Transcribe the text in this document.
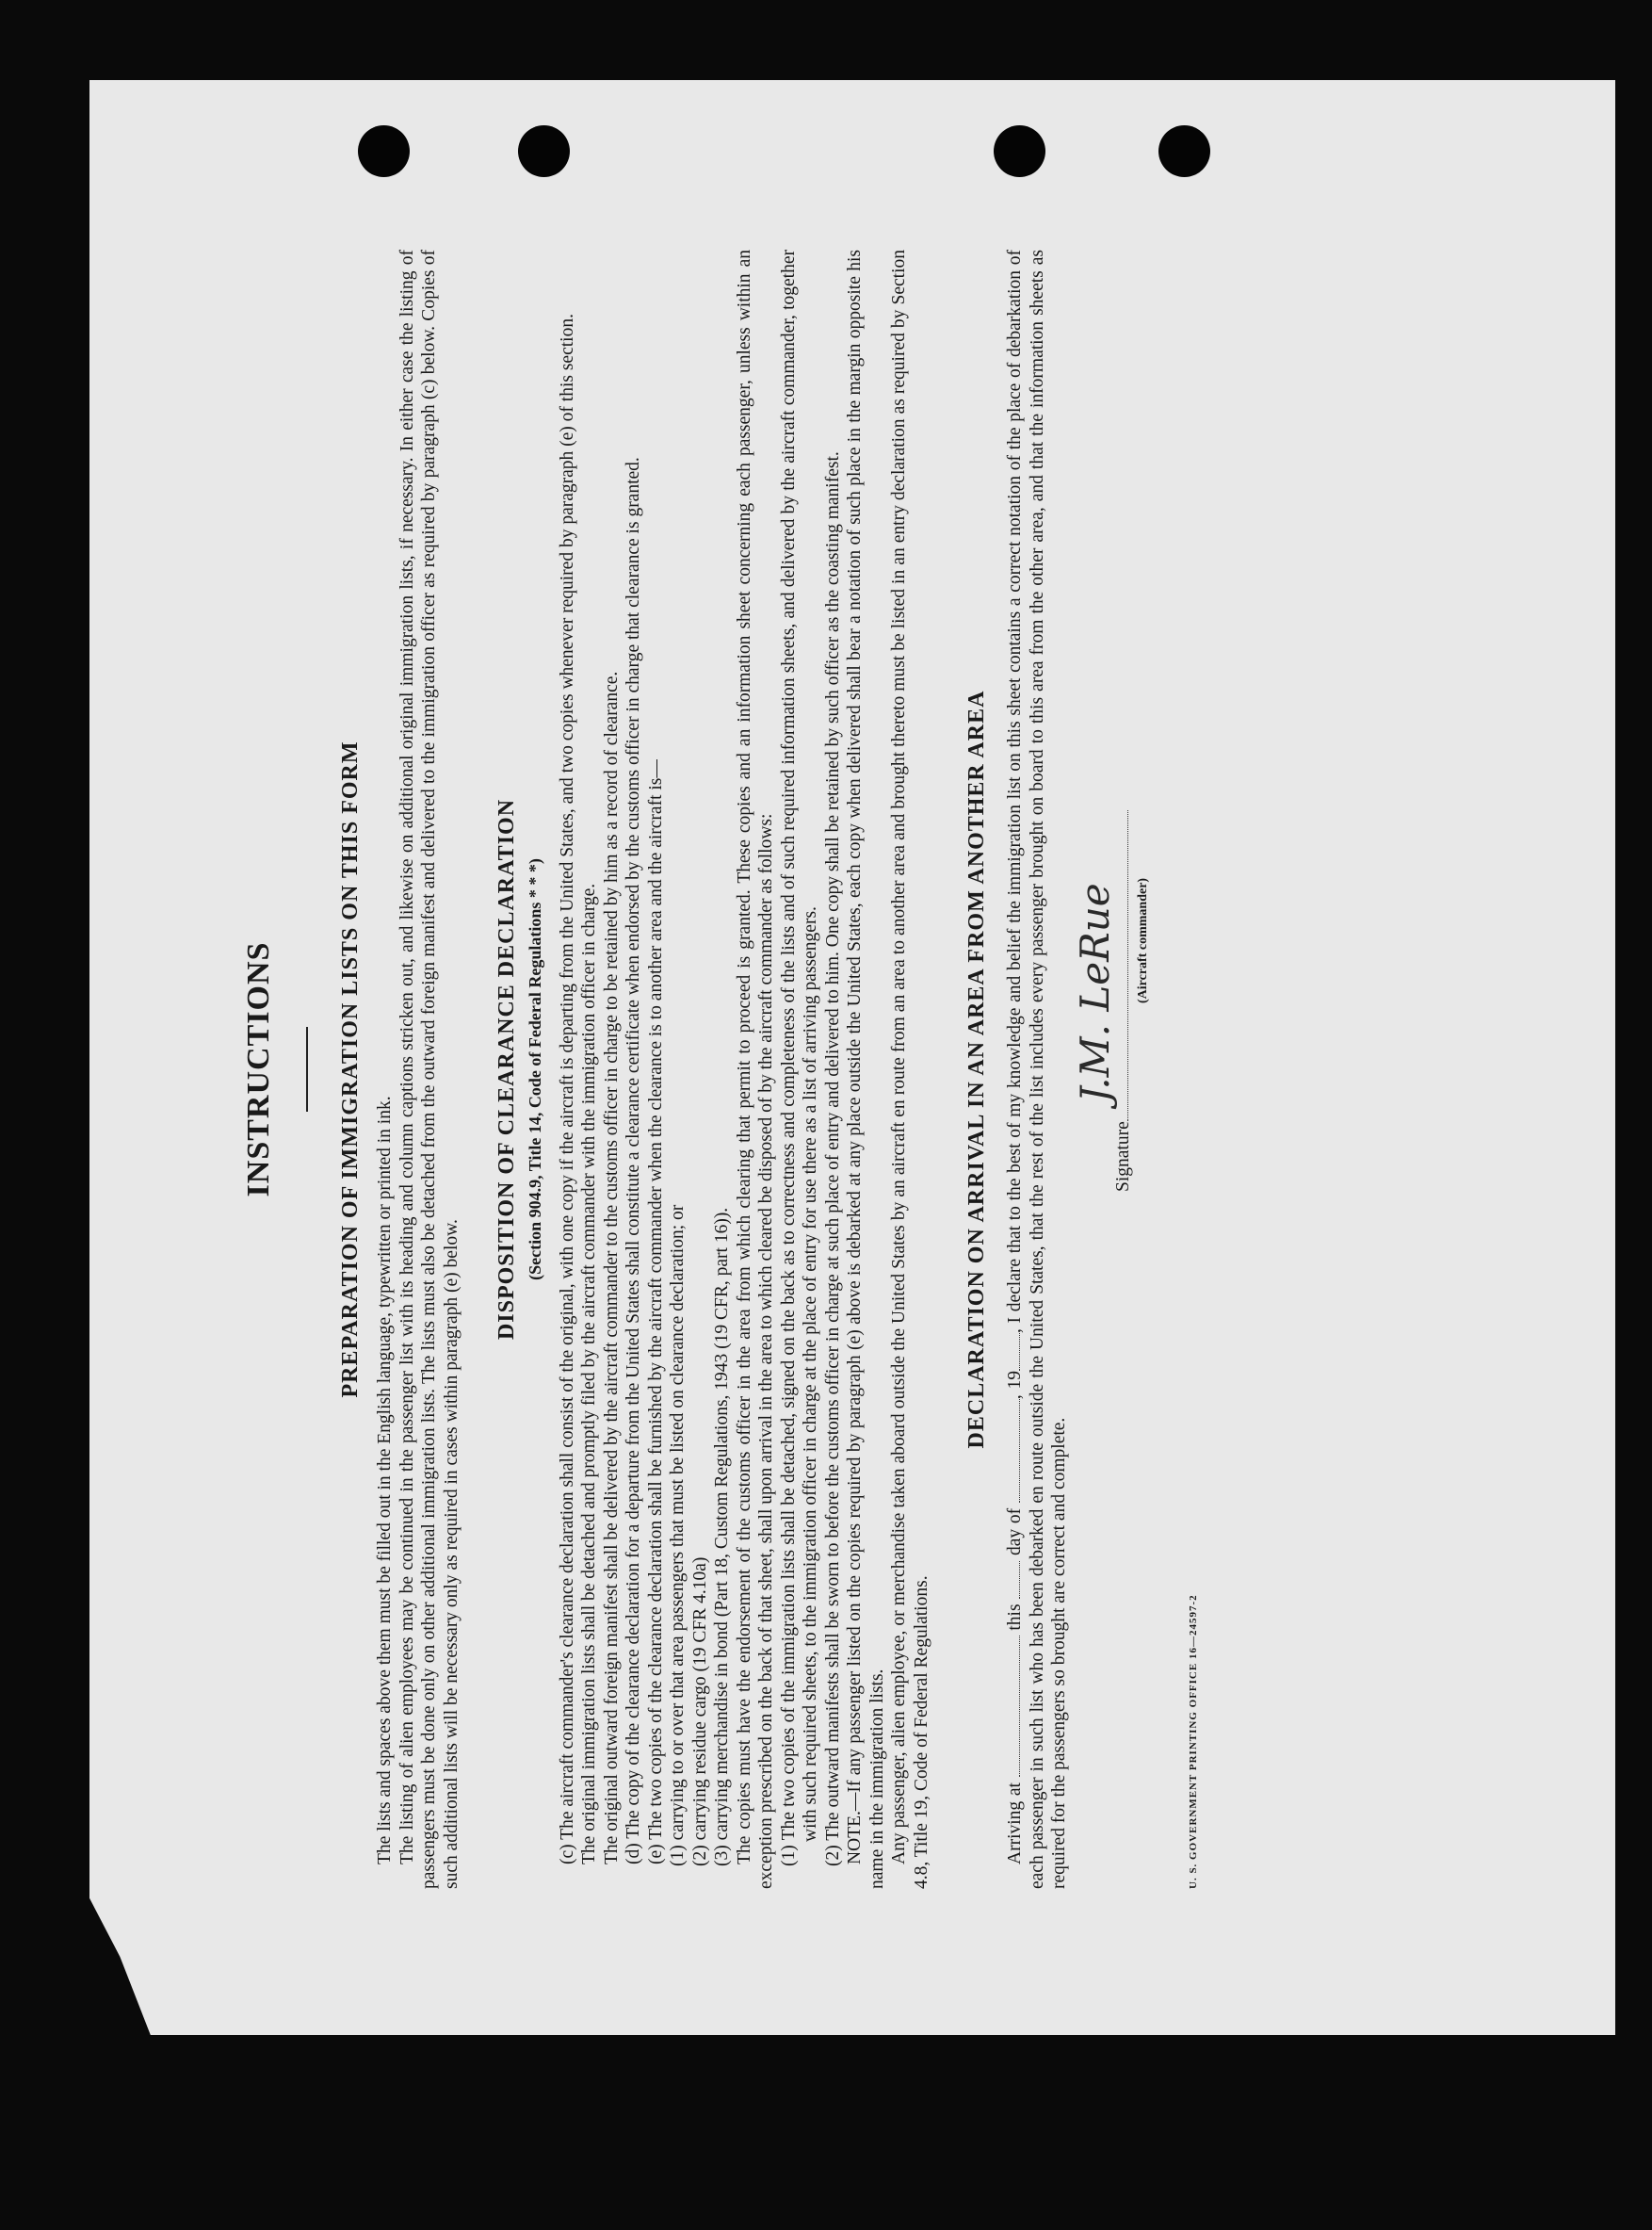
INSTRUCTIONS	PREPARATION OF IMMIGRATION LISTS ON THIS FORM

The lists and spaces above them must be filled out in the English language, typewritten or printed in ink. The listing of alien employees may be continued in the passenger list with its heading and column captions stricken out, and likewise on additional original immigration lists, if necessary. In either case the listing of passengers must be done only on other additional immigration lists. The lists must also be detached from the outward foreign manifest and delivered to the immigration officer as required by paragraph (c) below. Copies of such additional lists will be necessary only as required in cases within paragraph (e) below.

DISPOSITION OF CLEARANCE DECLARATION (Section 904.9, Title 14, Code of Federal Regulations * * *) (c) The aircraft commander's clearance declaration shall consist of the original, with one copy if the aircraft is departing from the United States, and two copies whenever required by paragraph (e) of this section. The original immigration lists shall be detached and promptly filed by the aircraft commander with the immigration officer in charge. The original outward foreign manifest shall be delivered by the aircraft commander to the customs officer in charge to be retained by him as a record of clearance. (d) The copy of the clearance declaration for a departure from the United States shall constitute a clearance certificate when endorsed by the customs officer in charge that clearance is granted. (e) The two copies of the clearance declaration shall be furnished by the aircraft commander when the clearance is to another area and the aircraft is— (1) carrying to or over that area passengers that must be listed on clearance declaration; or (2) carrying residue cargo (19 CFR 4.10a) (3) carrying merchandise in bond (Part 18, Custom Regulations, 1943 (19 CFR, part 16)). The copies must have the endorsement of the customs officer in the area from which clearing that permit to proceed is granted. These copies and an information sheet concerning each passenger, unless within an exception prescribed on the back of that sheet, shall upon arrival in the area to which cleared be disposed of by the aircraft commander as follows: (1) The two copies of the immigration lists shall be detached, signed on the back as to correctness and completeness of the lists and of such required information sheets, and delivered by the aircraft commander, together with such required sheets, to the immigration officer in charge at the place of entry for use there as a list of arriving passengers. (2) The outward manifests shall be sworn to before the customs officer in charge at such place of entry and delivered to him. One copy shall be retained by such officer as the coasting manifest. NOTE.—If any passenger listed on the copies required by paragraph (e) above is debarked at any place outside the United States, each copy when delivered shall bear a notation of such place in the margin opposite his name in the immigration lists. Any passenger, alien employee, or merchandise taken aboard outside the United States by an aircraft en route from an area to another area and brought thereto must be listed in an entry declaration as required by Section 4.8, Title 19, Code of Federal Regulations.

DECLARATION ON ARRIVAL IN AN AREA FROM ANOTHER AREA

Arriving at  this  day of , 19, I declare that to the best of my knowledge and belief the immigration list on this sheet contains a correct notation of the place of debarkation of each passenger in such list who has been debarked en route outside the United States, that the rest of the list includes every passenger brought on board to this area from the other area, and that the information sheets as required for the passengers so brought are correct and complete.

Signature
J.M. LeRue (Aircraft commander)
U. S. GOVERNMENT PRINTING OFFICE 16—24597-2
